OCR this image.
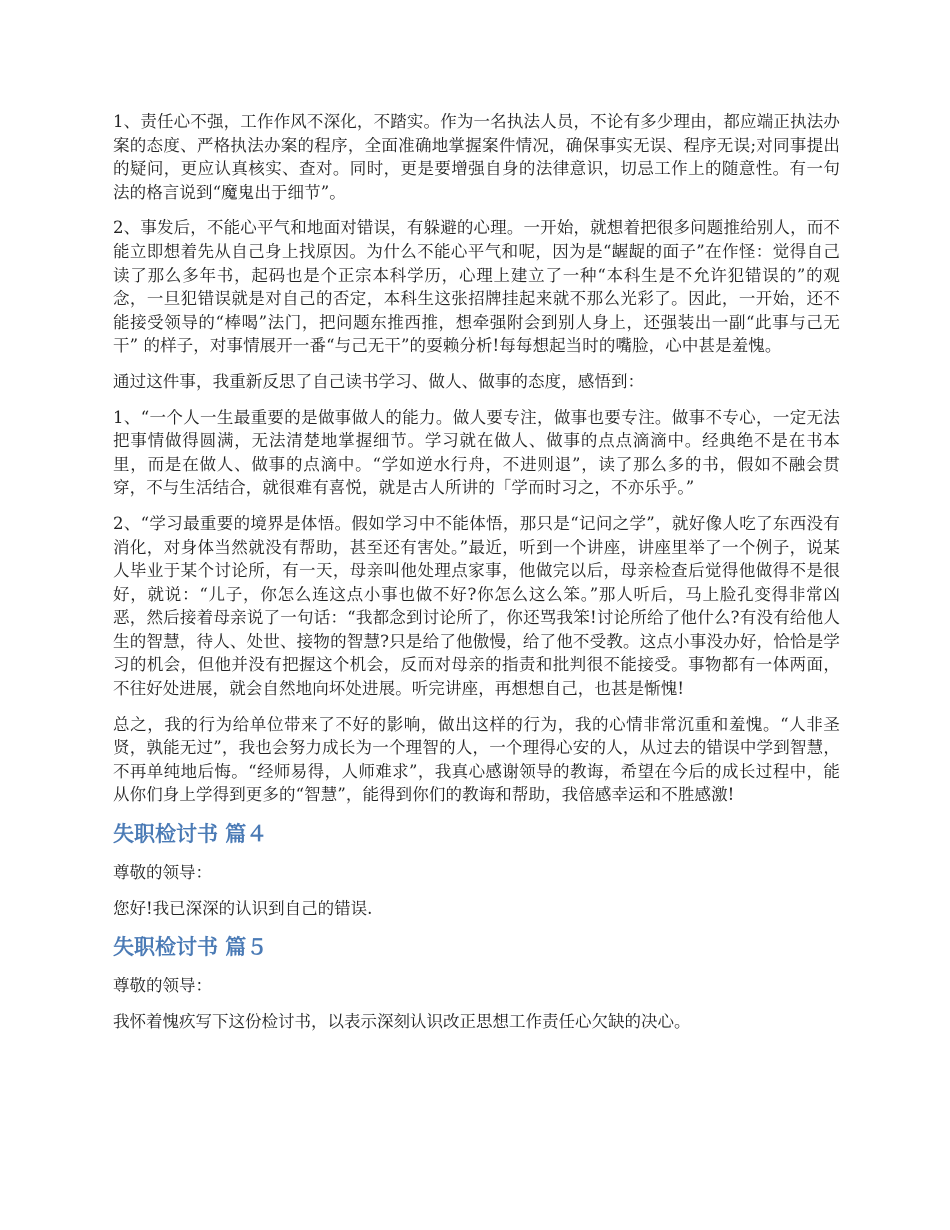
1、责任心不强，工作作风不深化，不踏实。作为一名执法人员，不论有多少理由，都应端正执法办案的态度、严格执法办案的程序，全面准确地掌握案件情况，确保事实无误、程序无误;对同事提出的疑问，更应认真核实、查对。同时，更是要增强自身的法律意识，切忌工作上的随意性。有一句法的格言说到“魔鬼出于细节”。

2、事发后，不能心平气和地面对错误，有躲避的心理。一开始，就想着把很多问题推给别人，而不能立即想着先从自己身上找原因。为什么不能心平气和呢，因为是“龌龊的面子”在作怪：觉得自己读了那么多年书，起码也是个正宗本科学历，心理上建立了一种“本科生是不允许犯错误的”的观念，一旦犯错误就是对自己的否定，本科生这张招牌挂起来就不那么光彩了。因此，一开始，还不能接受领导的“棒喝”法门，把问题东推西推，想牵强附会到别人身上，还强装出一副“此事与己无干” 的样子，对事情展开一番“与己无干”的耍赖分析!每每想起当时的嘴脸，心中甚是羞愧。

通过这件事，我重新反思了自己读书学习、做人、做事的态度，感悟到：

1、“一个人一生最重要的是做事做人的能力。做人要专注，做事也要专注。做事不专心，一定无法把事情做得圆满，无法清楚地掌握细节。学习就在做人、做事的点点滴滴中。经典绝不是在书本里，而是在做人、做事的点滴中。“学如逆水行舟，不进则退”，读了那么多的书，假如不融会贯穿，不与生活结合，就很难有喜悦，就是古人所讲的「学而时习之，不亦乐乎。”

2、“学习最重要的境界是体悟。假如学习中不能体悟，那只是“记问之学”，就好像人吃了东西没有消化，对身体当然就没有帮助，甚至还有害处。”最近，听到一个讲座，讲座里举了一个例子，说某人毕业于某个讨论所，有一天，母亲叫他处理点家事，他做完以后，母亲检查后觉得他做得不是很好，就说：“儿子，你怎么连这点小事也做不好?你怎么这么笨。”那人听后，马上脸孔变得非常凶恶，然后接着母亲说了一句话：“我都念到讨论所了，你还骂我笨!讨论所给了他什么?有没有给他人生的智慧，待人、处世、接物的智慧?只是给了他傲慢，给了他不受教。这点小事没办好，恰恰是学习的机会，但他并没有把握这个机会，反而对母亲的指责和批判很不能接受。事物都有一体两面，不往好处进展，就会自然地向坏处进展。听完讲座，再想想自己，也甚是惭愧!

总之，我的行为给单位带来了不好的影响，做出这样的行为，我的心情非常沉重和羞愧。“人非圣贤，孰能无过”，我也会努力成长为一个理智的人，一个理得心安的人，从过去的错误中学到智慧，不再单纯地后悔。“经师易得，人师难求”，我真心感谢领导的教诲，希望在今后的成长过程中，能从你们身上学得到更多的“智慧”，能得到你们的教诲和帮助，我倍感幸运和不胜感激!

失职检讨书 篇４

尊敬的领导：

您好!我已深深的认识到自己的错误.

失职检讨书 篇５

尊敬的领导：

我怀着愧疚写下这份检讨书，以表示深刻认识改正思想工作责任心欠缺的决心。
